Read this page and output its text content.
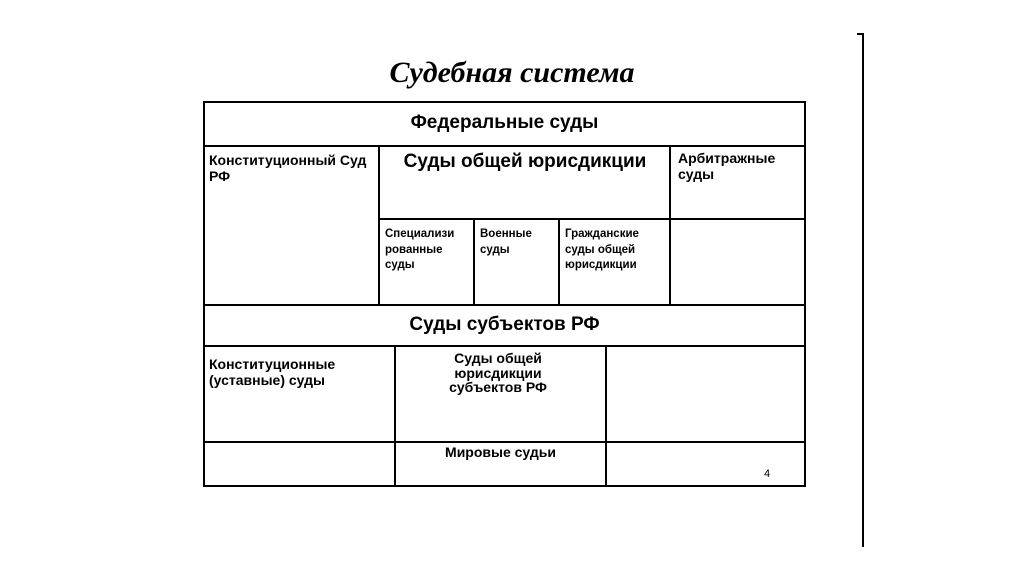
Судебная система
Федеральные суды
Конституционный Суд РФ
Суды общей юрисдикции	Арбитражные суды
Специализи рованные суды
Военные суды
Гражданские суды общей юрисдикции
Суды субъектов РФ
Конституционные (уставные) суды
Суды общей юрисдикции субъектов РФ
Мировые судьи
4
